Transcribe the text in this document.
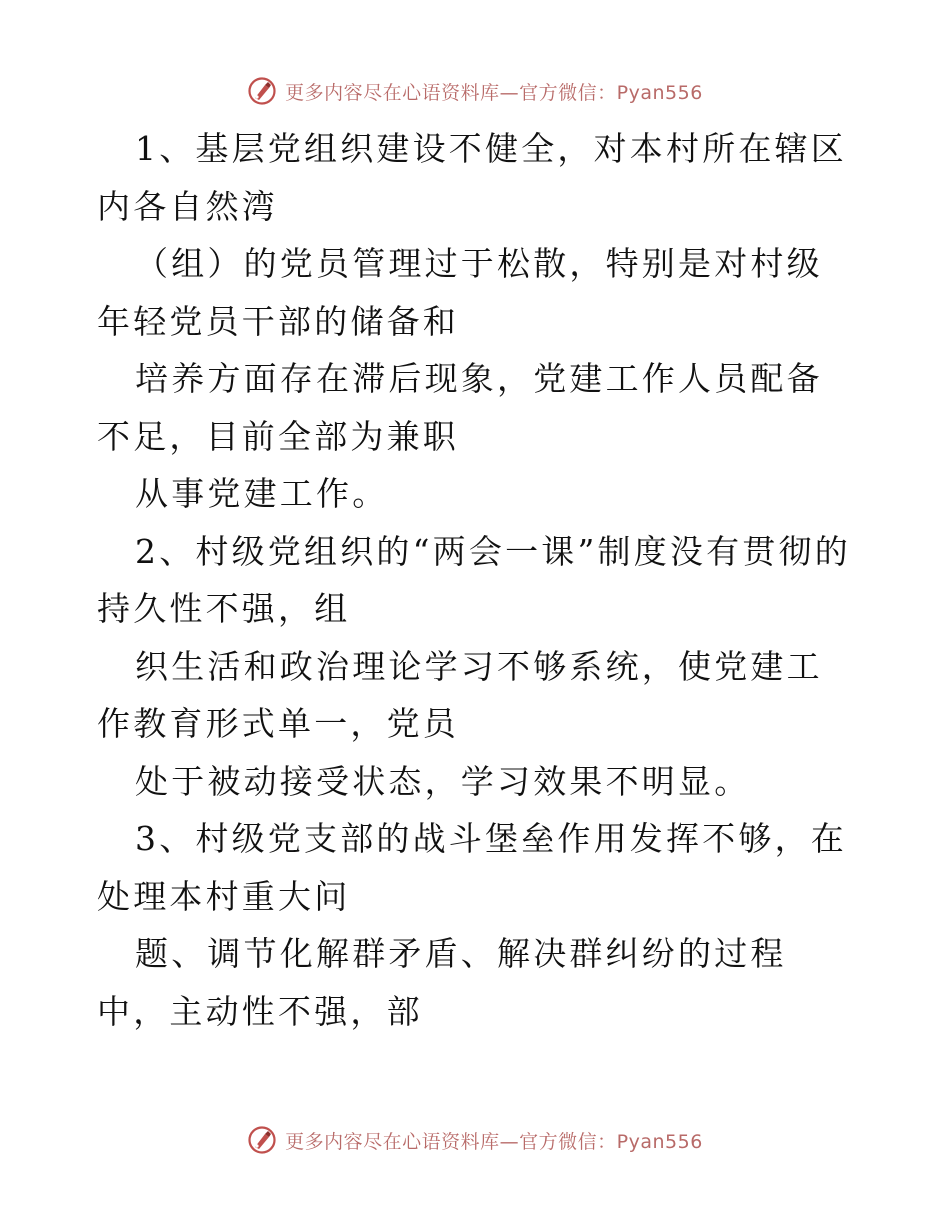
更多内容尽在心语资料库—官方微信：Pyan556

1、基层党组织建设不健全，对本村所在辖区内各自然湾

（组）的党员管理过于松散，特别是对村级年轻党员干部的储备和

培养方面存在滞后现象，党建工作人员配备不足，目前全部为兼职

从事党建工作。

2、村级党组织的“两会一课”制度没有贯彻的持久性不强，组

织生活和政治理论学习不够系统，使党建工作教育形式单一，党员

处于被动接受状态，学习效果不明显。

3、村级党支部的战斗堡垒作用发挥不够，在处理本村重大问

题、调节化解群矛盾、解决群纠纷的过程中，主动性不强，部

更多内容尽在心语资料库—官方微信：Pyan556
